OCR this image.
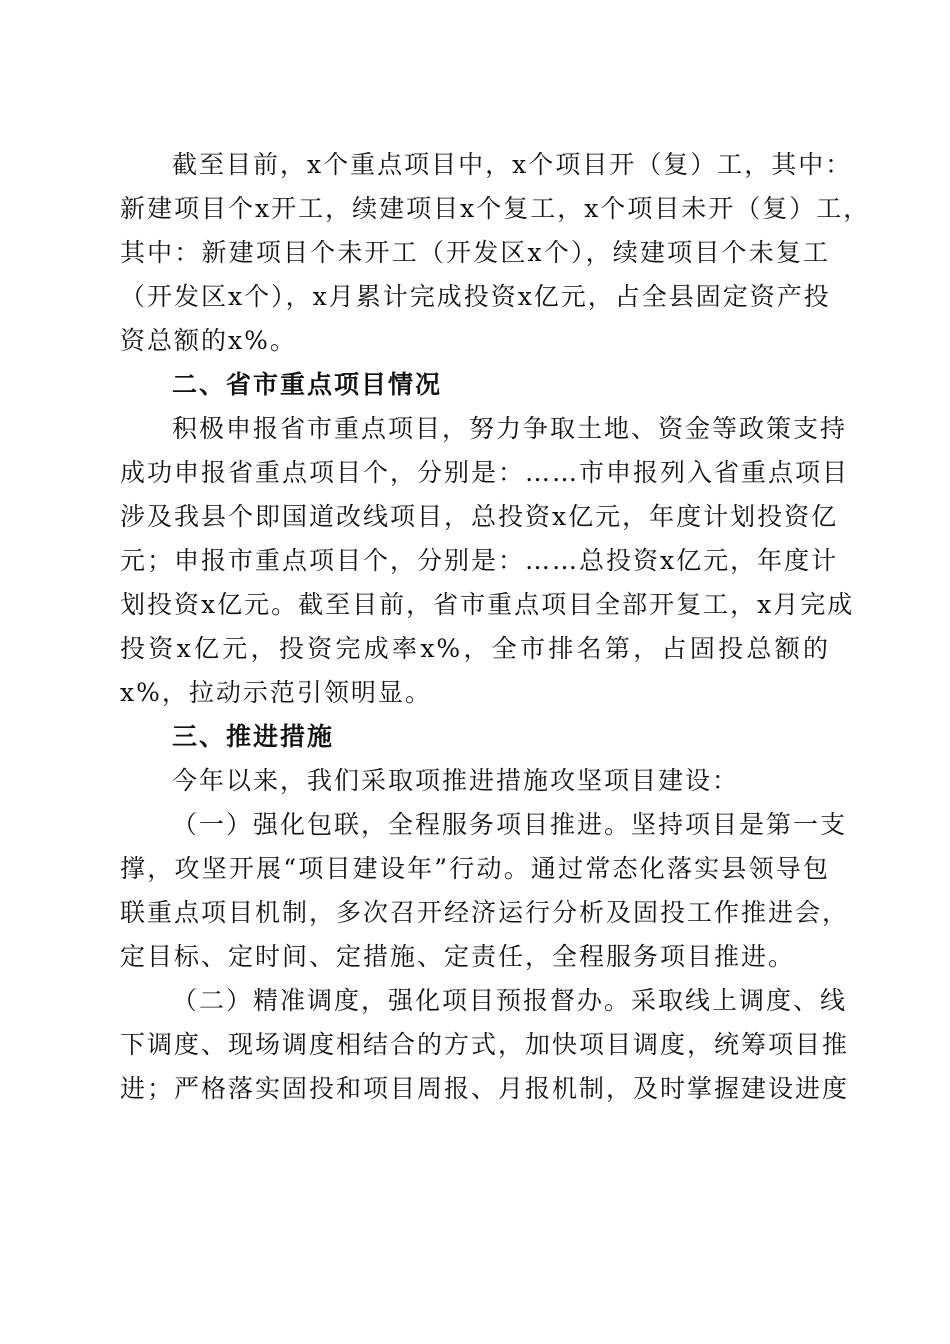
截至目前，x个重点项目中，x个项目开（复）工，其中：
新建项目个x开工，续建项目x个复工，x个项目未开（复）工，
其中：新建项目个未开工（开发区x个），续建项目个未复工
（开发区x个），x月累计完成投资x亿元，占全县固定资产投
资总额的x%。
二、省市重点项目情况
积极申报省市重点项目，努力争取土地、资金等政策支持
成功申报省重点项目个，分别是：……市申报列入省重点项目
涉及我县个即国道改线项目，总投资x亿元，年度计划投资亿
元；申报市重点项目个，分别是：……总投资x亿元，年度计
划投资x亿元。截至目前，省市重点项目全部开复工，x月完成
投资x亿元，投资完成率x%，全市排名第，占固投总额的
x%，拉动示范引领明显。
三、推进措施
今年以来，我们采取项推进措施攻坚项目建设：
（一）强化包联，全程服务项目推进。坚持项目是第一支
撑，攻坚开展“项目建设年”行动。通过常态化落实县领导包
联重点项目机制，多次召开经济运行分析及固投工作推进会，
定目标、定时间、定措施、定责任，全程服务项目推进。
（二）精准调度，强化项目预报督办。采取线上调度、线
下调度、现场调度相结合的方式，加快项目调度，统筹项目推
进；严格落实固投和项目周报、月报机制，及时掌握建设进度
